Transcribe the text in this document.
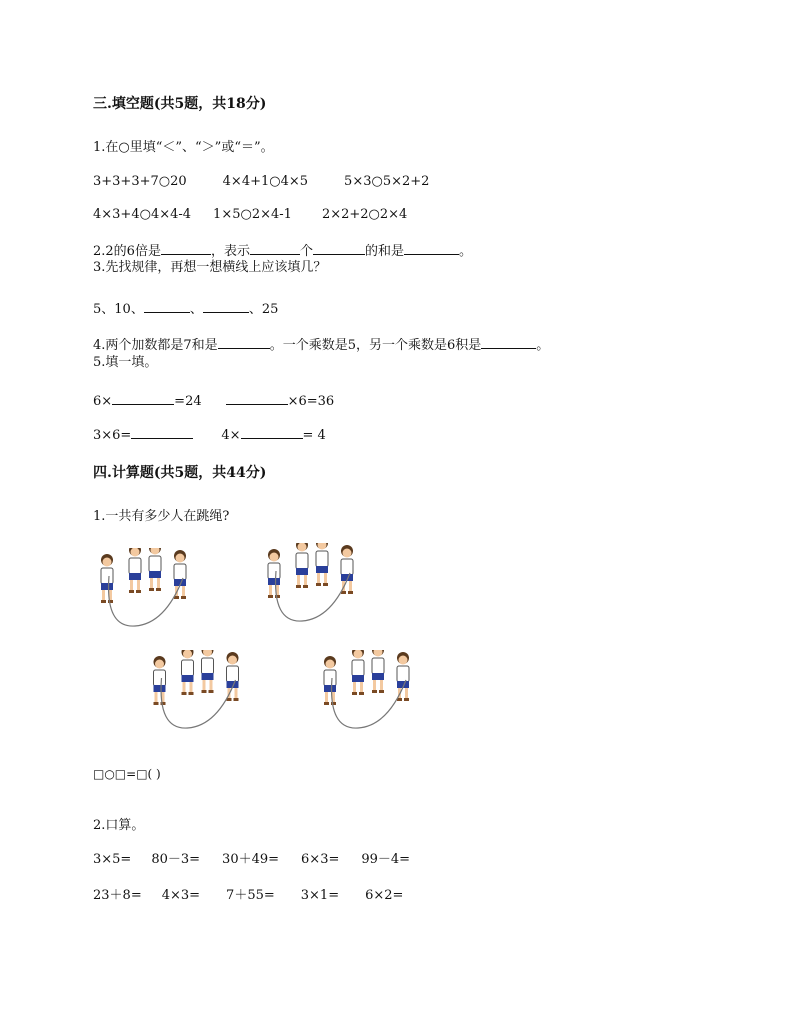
三.填空题(共5题，共18分)
1.在○里填“＜”、“＞”或“＝”。
3+3+3+7○20	4×4+1○4×5	5×3○5×2+2
4×3+4○4×4-4 1×5○2×4-1 2×2+2○2×4
2.2的6倍是	，表示	个	的和是	。
3.先找规律，再想一想横线上应该填几？
5、10、	、	、25
4.两个加数都是7和是	。一个乘数是5，另一个乘数是6积是	。
5.填一填。
6×	=24	×6=36
3×6=	4×	= 4
四.计算题(共5题，共44分)
1.一共有多少人在跳绳?
□○□=□( )
2.口算。
3×5= 80－3= 30＋49= 6×3= 99－4=
23＋8= 4×3= 7＋55= 3×1= 6×2=
